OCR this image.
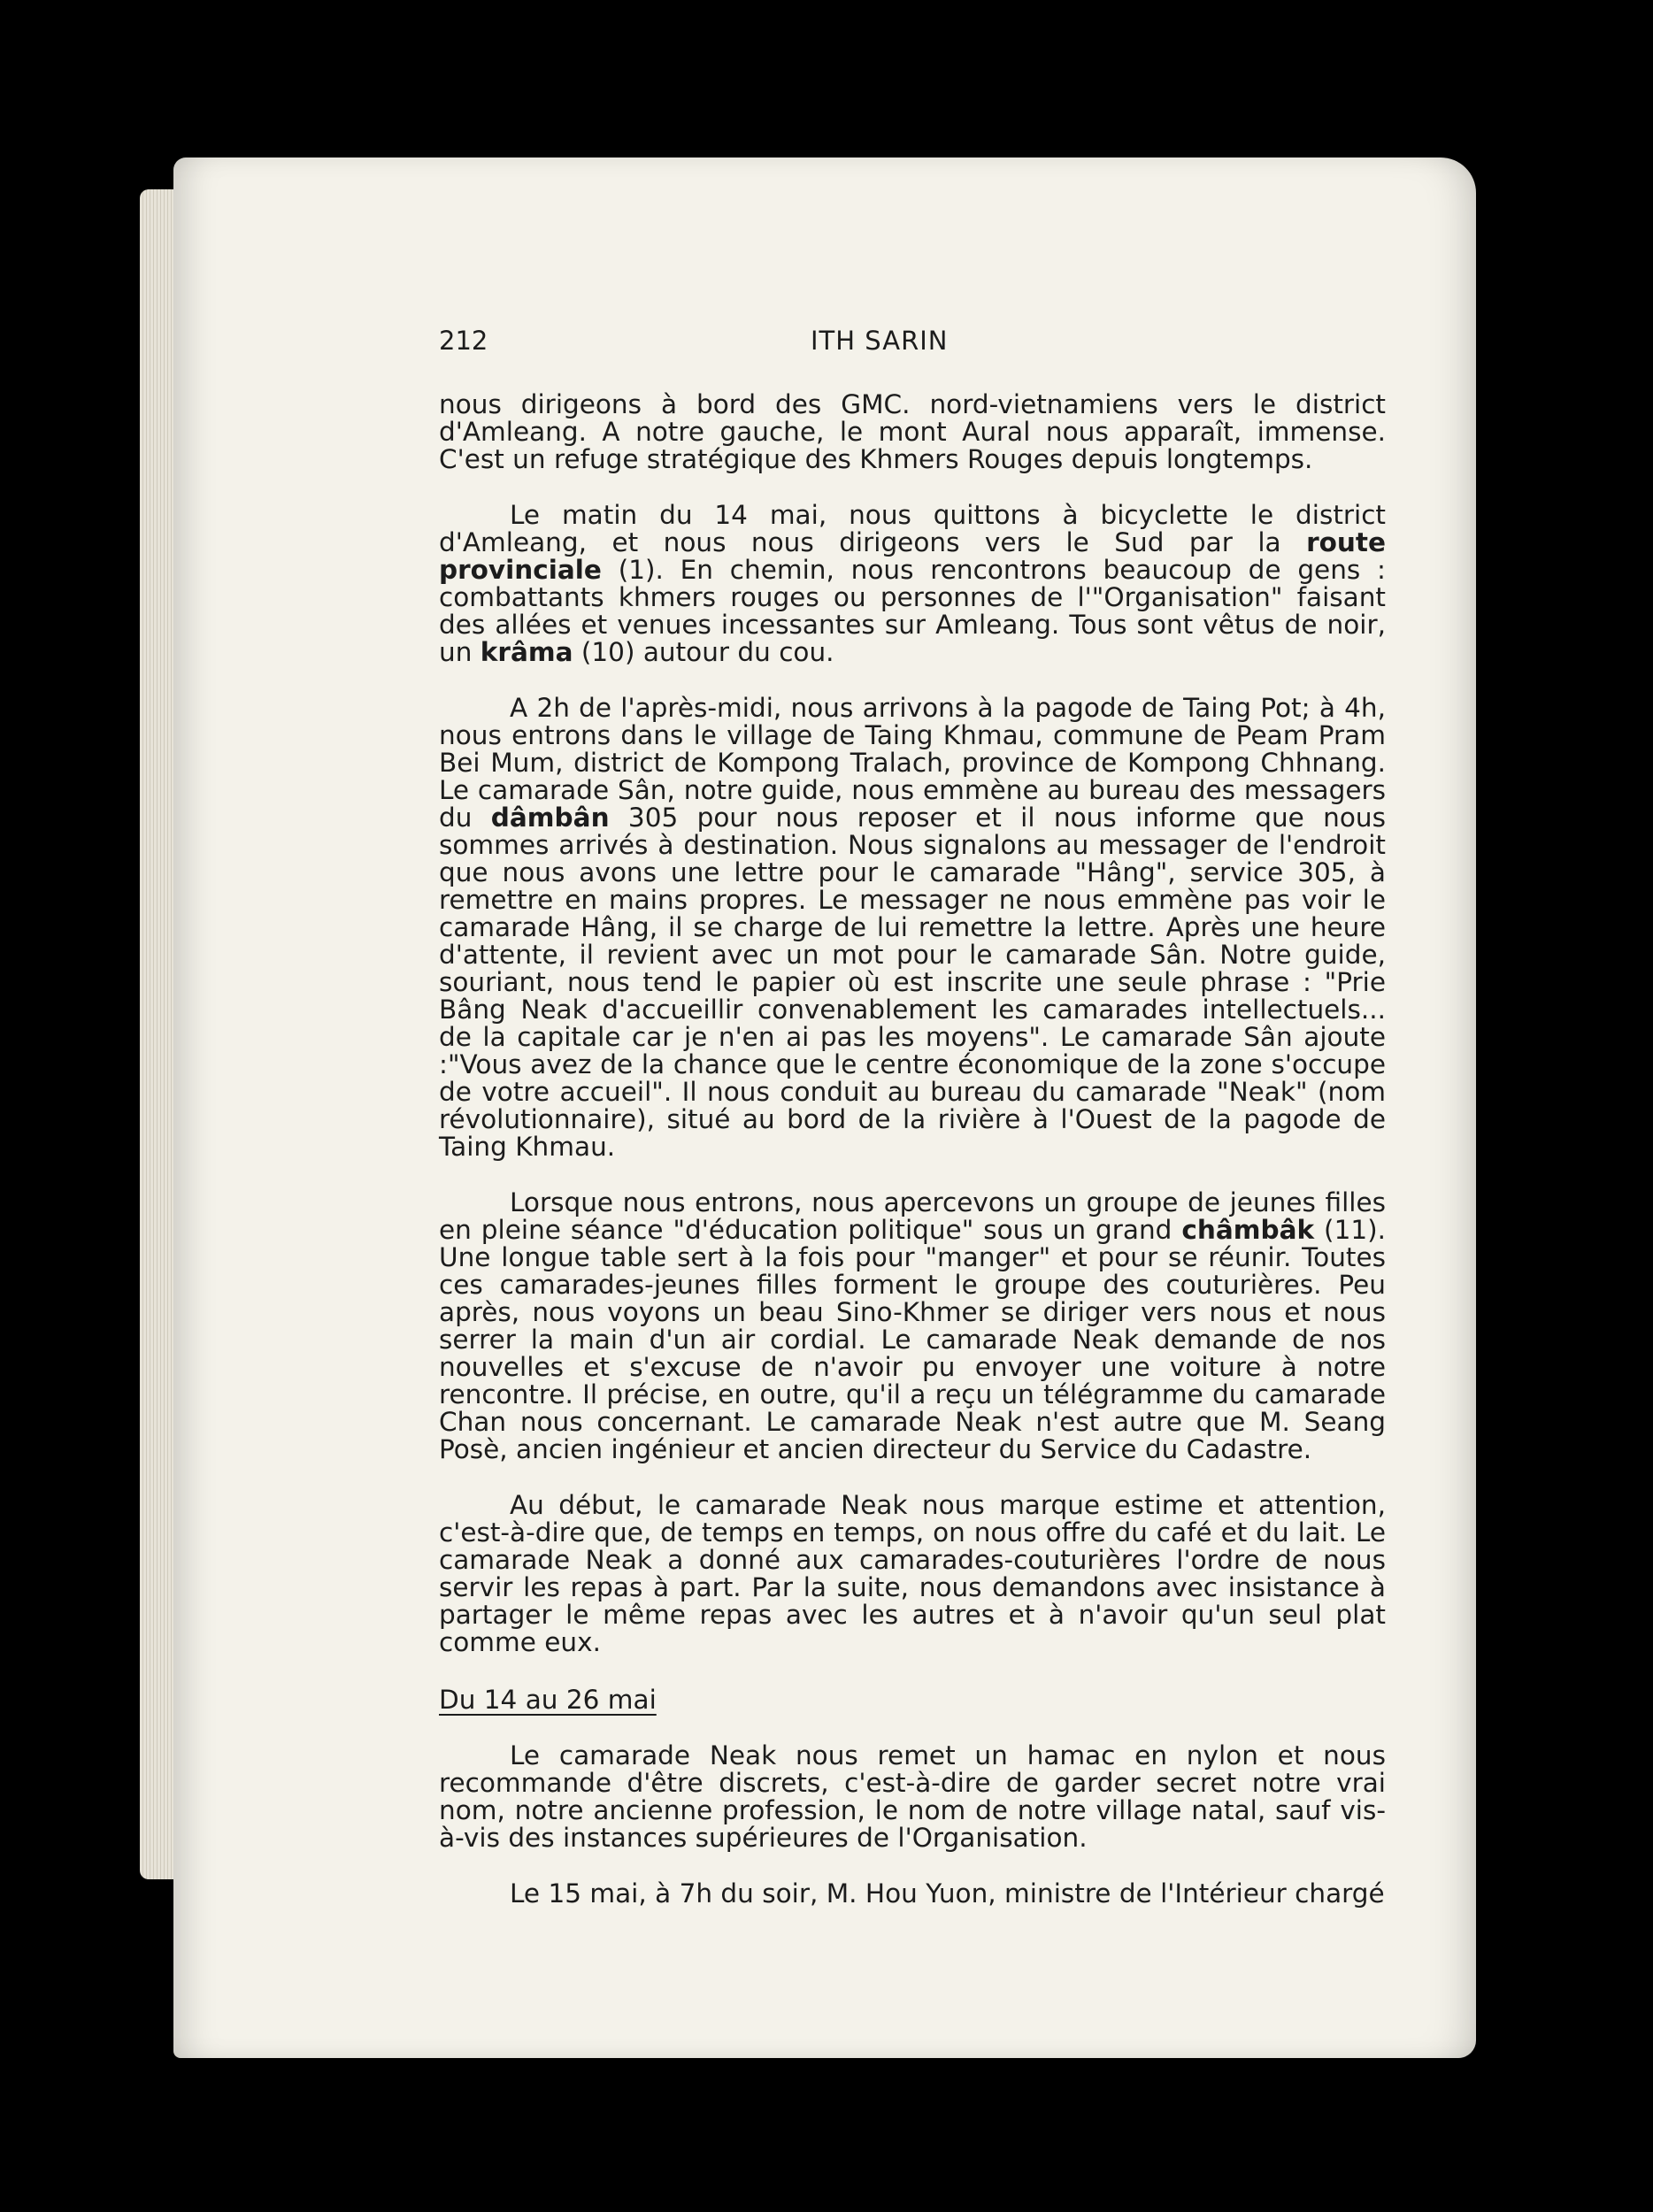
212	ITH SARIN

nous dirigeons à bord des GMC. nord-vietnamiens vers le district d'Amleang. A notre gauche, le mont Aural nous apparaît, immense. C'est un refuge stratégique des Khmers Rouges depuis longtemps.

Le matin du 14 mai, nous quittons à bicyclette le district d'Amleang, et nous nous dirigeons vers le Sud par la route provinciale (1). En chemin, nous rencontrons beaucoup de gens : combattants khmers rouges ou personnes de l'"Organisation" faisant des allées et venues incessantes sur Amleang. Tous sont vêtus de noir, un krâma (10) autour du cou.

A 2h de l'après-midi, nous arrivons à la pagode de Taing Pot; à 4h, nous entrons dans le village de Taing Khmau, commune de Peam Pram Bei Mum, district de Kompong Tralach, province de Kompong Chhnang. Le camarade Sân, notre guide, nous emmène au bureau des messagers du dâmbân 305 pour nous reposer et il nous informe que nous sommes arrivés à destination. Nous signalons au messager de l'endroit que nous avons une lettre pour le camarade "Hâng", service 305, à remettre en mains propres. Le messager ne nous emmène pas voir le camarade Hâng, il se charge de lui remettre la lettre. Après une heure d'attente, il revient avec un mot pour le camarade Sân. Notre guide, souriant, nous tend le papier où est inscrite une seule phrase : "Prie Bâng Neak d'accueillir convenablement les camarades intellectuels... de la capitale car je n'en ai pas les moyens". Le camarade Sân ajoute :"Vous avez de la chance que le centre économique de la zone s'occupe de votre accueil". Il nous conduit au bureau du camarade "Neak" (nom révolutionnaire), situé au bord de la rivière à l'Ouest de la pagode de Taing Khmau.

Lorsque nous entrons, nous apercevons un groupe de jeunes filles en pleine séance "d'éducation politique" sous un grand châmbâk (11). Une longue table sert à la fois pour "manger" et pour se réunir. Toutes ces camarades-jeunes filles forment le groupe des couturières. Peu après, nous voyons un beau Sino-Khmer se diriger vers nous et nous serrer la main d'un air cordial. Le camarade Neak demande de nos nouvelles et s'excuse de n'avoir pu envoyer une voiture à notre rencontre. Il précise, en outre, qu'il a reçu un télégramme du camarade Chan nous concernant. Le camarade Neak n'est autre que M. Seang Posè, ancien ingénieur et ancien directeur du Service du Cadastre.

Au début, le camarade Neak nous marque estime et attention, c'est-à-dire que, de temps en temps, on nous offre du café et du lait. Le camarade Neak a donné aux camarades-couturières l'ordre de nous servir les repas à part. Par la suite, nous demandons avec insistance à partager le même repas avec les autres et à n'avoir qu'un seul plat comme eux.

Du 14 au 26 mai

Le camarade Neak nous remet un hamac en nylon et nous recommande d'être discrets, c'est-à-dire de garder secret notre vrai nom, notre ancienne profession, le nom de notre village natal, sauf vis-à-vis des instances supérieures de l'Organisation.

Le 15 mai, à 7h du soir, M. Hou Yuon, ministre de l'Intérieur chargé
